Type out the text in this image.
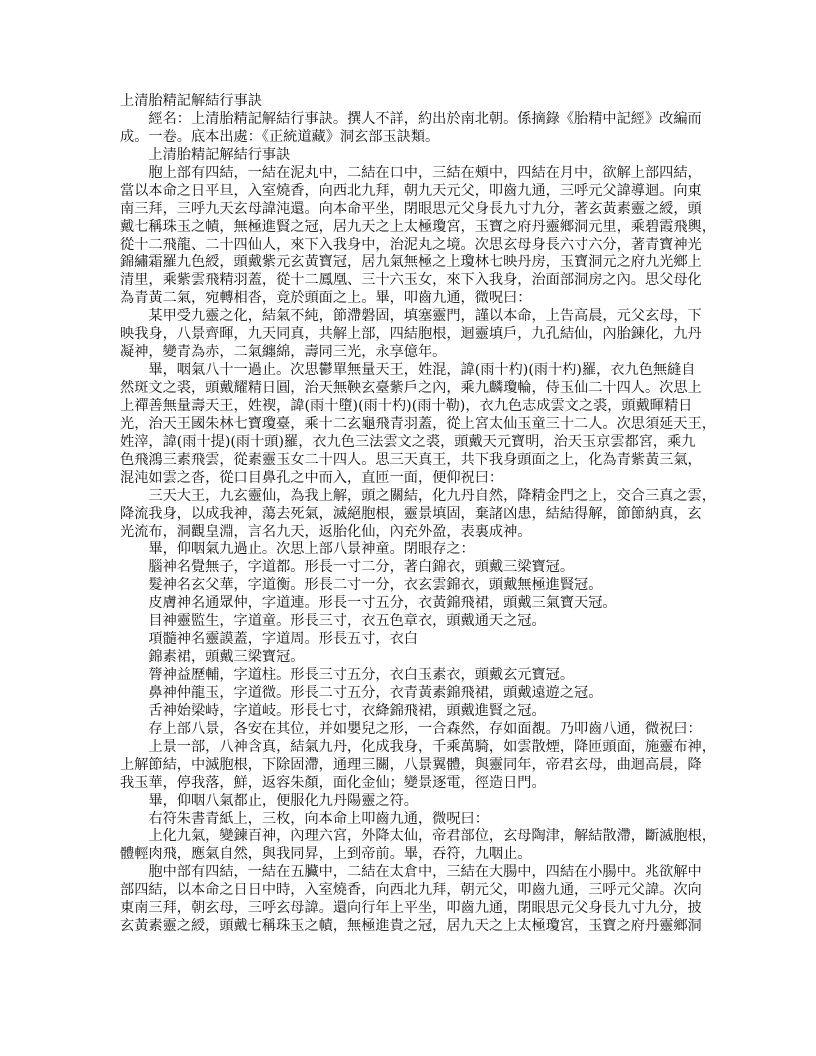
上清胎精記解結行事訣
　　經名：上清胎精記解結行事訣。撰人不詳，約出於南北朝。係摘錄《胎精中記經》改編而
成。一卷。底本出處：《正統道藏》洞玄部玉訣類。
　　上清胎精記解結行事訣
　　胞上部有四結，一結在泥丸中，二結在口中，三結在頰中，四結在月中，欲解上部四結，
當以本命之日平旦，入室燒香，向西北九拜，朝九天元父，叩齒九通，三呼元父諱導迴。向東
南三拜，三呼九天玄母諱沌還。向本命平坐，閉眼思元父身長九寸九分，著玄黃素靈之綬，頭
戴七稱珠玉之幘，無極進賢之冠，居九天之上太極瓊宮，玉寶之府丹靈鄉洞元里，乘碧霞飛輿，
從十二飛龍、二十四仙人，來下入我身中，治泥丸之境。次思玄母身長六寸六分，著青寶神光
錦繡霜羅九色綬，頭戴紫元玄黃寶冠，居九氣無極之上瓊林七映丹房，玉寶洞元之府九光鄉上
清里，乘紫雲飛精羽蓋，從十二鳳凰、三十六玉女，來下入我身，治面部洞房之內。思父母化
為青黃二氣，宛轉相沓，竟於頭面之上。畢，叩齒九通，微呪曰：
　　某甲受九靈之化，結氣不純，節滯磐固，填塞靈門，謹以本命，上告高晨，元父玄母，下
映我身，八景齊暉，九天同真，共解上部，四結胞根，迴靈填戶，九孔結仙，內胎鍊化，九丹
凝神，變青為赤，二氣纏綿，壽同三光，永享億年。
　　畢，咽氣八十一過止。次思鬱單無量天王，姓混，諱(雨十杓)(雨十杓)羅，衣九色無縫自
然斑文之裘，頭戴耀精日圓，治天無鞅玄臺紫戶之內，乘九麟瓊輪，侍玉仙二十四人。次思上
上禪善無量壽天王，姓褉，諱(雨十墮)(雨十杓)(雨十勒)，衣九色志成雲文之裘，頭戴暉精日
光，治天王國朱林七寶瓊臺，乘十二玄龜飛青羽蓋，從上宮太仙玉童三十二人。次思須延天王，
姓滓，諱(雨十提)(雨十頭)羅，衣九色三法雲文之裘，頭戴天元寶明，治天玉京雲都宮，乘九
色飛鴻三素飛雲，從素靈玉女二十四人。思三天真王，共下我身頭面之上，化為青紫黃三氣，
混沌如雲之沓，從口目鼻孔之中而入，直匝一面，便仰祝曰：
　　三天大王，九玄靈仙，為我上解，頭之關結，化九丹自然，降精金門之上，交合三真之雲，
降流我身，以成我神，蕩去死氣，滅絕胞根，靈景填固，棄諸凶患，結結得解，節節納真，玄
光流布，洞觀皇淵，言名九天，返胎化仙，內充外盈，表裏成神。
　　畢，仰咽氣九過止。次思上部八景神童。閉眼存之：
　　腦神名覺無子，字道都。形長一寸二分，著白錦衣，頭戴三梁寶冠。
　　髮神名玄父華，字道衡。形長二寸一分，衣玄雲錦衣，頭戴無極進賢冠。
　　皮膚神名通眾仲，字道連。形長一寸五分，衣黃錦飛裙，頭戴三氣寶天冠。
　　目神靈監生，字道童。形長三寸，衣五色章衣，頭戴通天之冠。
　　項髓神名靈謨蓋，字道周。形長五寸，衣白
　　錦素裙，頭戴三梁寶冠。
　　膂神益歷輔，字道柱。形長三寸五分，衣白玉素衣，頭戴玄元寶冠。
　　鼻神仲龍玉，字道微。形長二寸五分，衣青黃素錦飛裙，頭戴遠遊之冠。
　　舌神始梁峙，字道岐。形長七寸，衣絳錦飛裙，頭戴進賢之冠。
　　存上部八景，各安在其位，并如嬰兒之形，一合森然，存如面覩。乃叩齒八通，微祝曰：
　　上景一部，八神含真，結氣九丹，化成我身，千乘萬騎，如雲散煙，降匝頭面，施靈布神，
上解節結，中滅胞根，下除固滯，通理三關，八景翼體，與靈同年，帝君玄母，曲迴高晨，降
我玉華，停我落，鮮，返容朱顏，面化金仙；變景逐電，徑造日門。
　　畢，仰咽八氣都止，便服化九丹陽靈之符。
　　右符朱書青紙上，三枚，向本命上叩齒九通，微呪曰：
　　上化九氣，變鍊百神，內理六宮，外降太仙，帝君部位，玄母陶津，解結散滯，斷滅胞根，
體輕肉飛，應氣自然，與我同昇，上到帝前。畢，吞符，九咽止。
　　胞中部有四結，一結在五臟中，二結在太倉中，三結在大腸中，四結在小腸中。兆欲解中
部四結，以本命之日日中時，入室燒香，向西北九拜，朝元父，叩齒九通，三呼元父諱。次向
東南三拜，朝玄母，三呼玄母諱。還向行年上平坐，叩齒九通，閉眼思元父身長九寸九分，披
玄黃素靈之綬，頭戴七稱珠玉之幘，無極進貴之冠，居九天之上太極瓊宮，玉寶之府丹靈鄉洞
